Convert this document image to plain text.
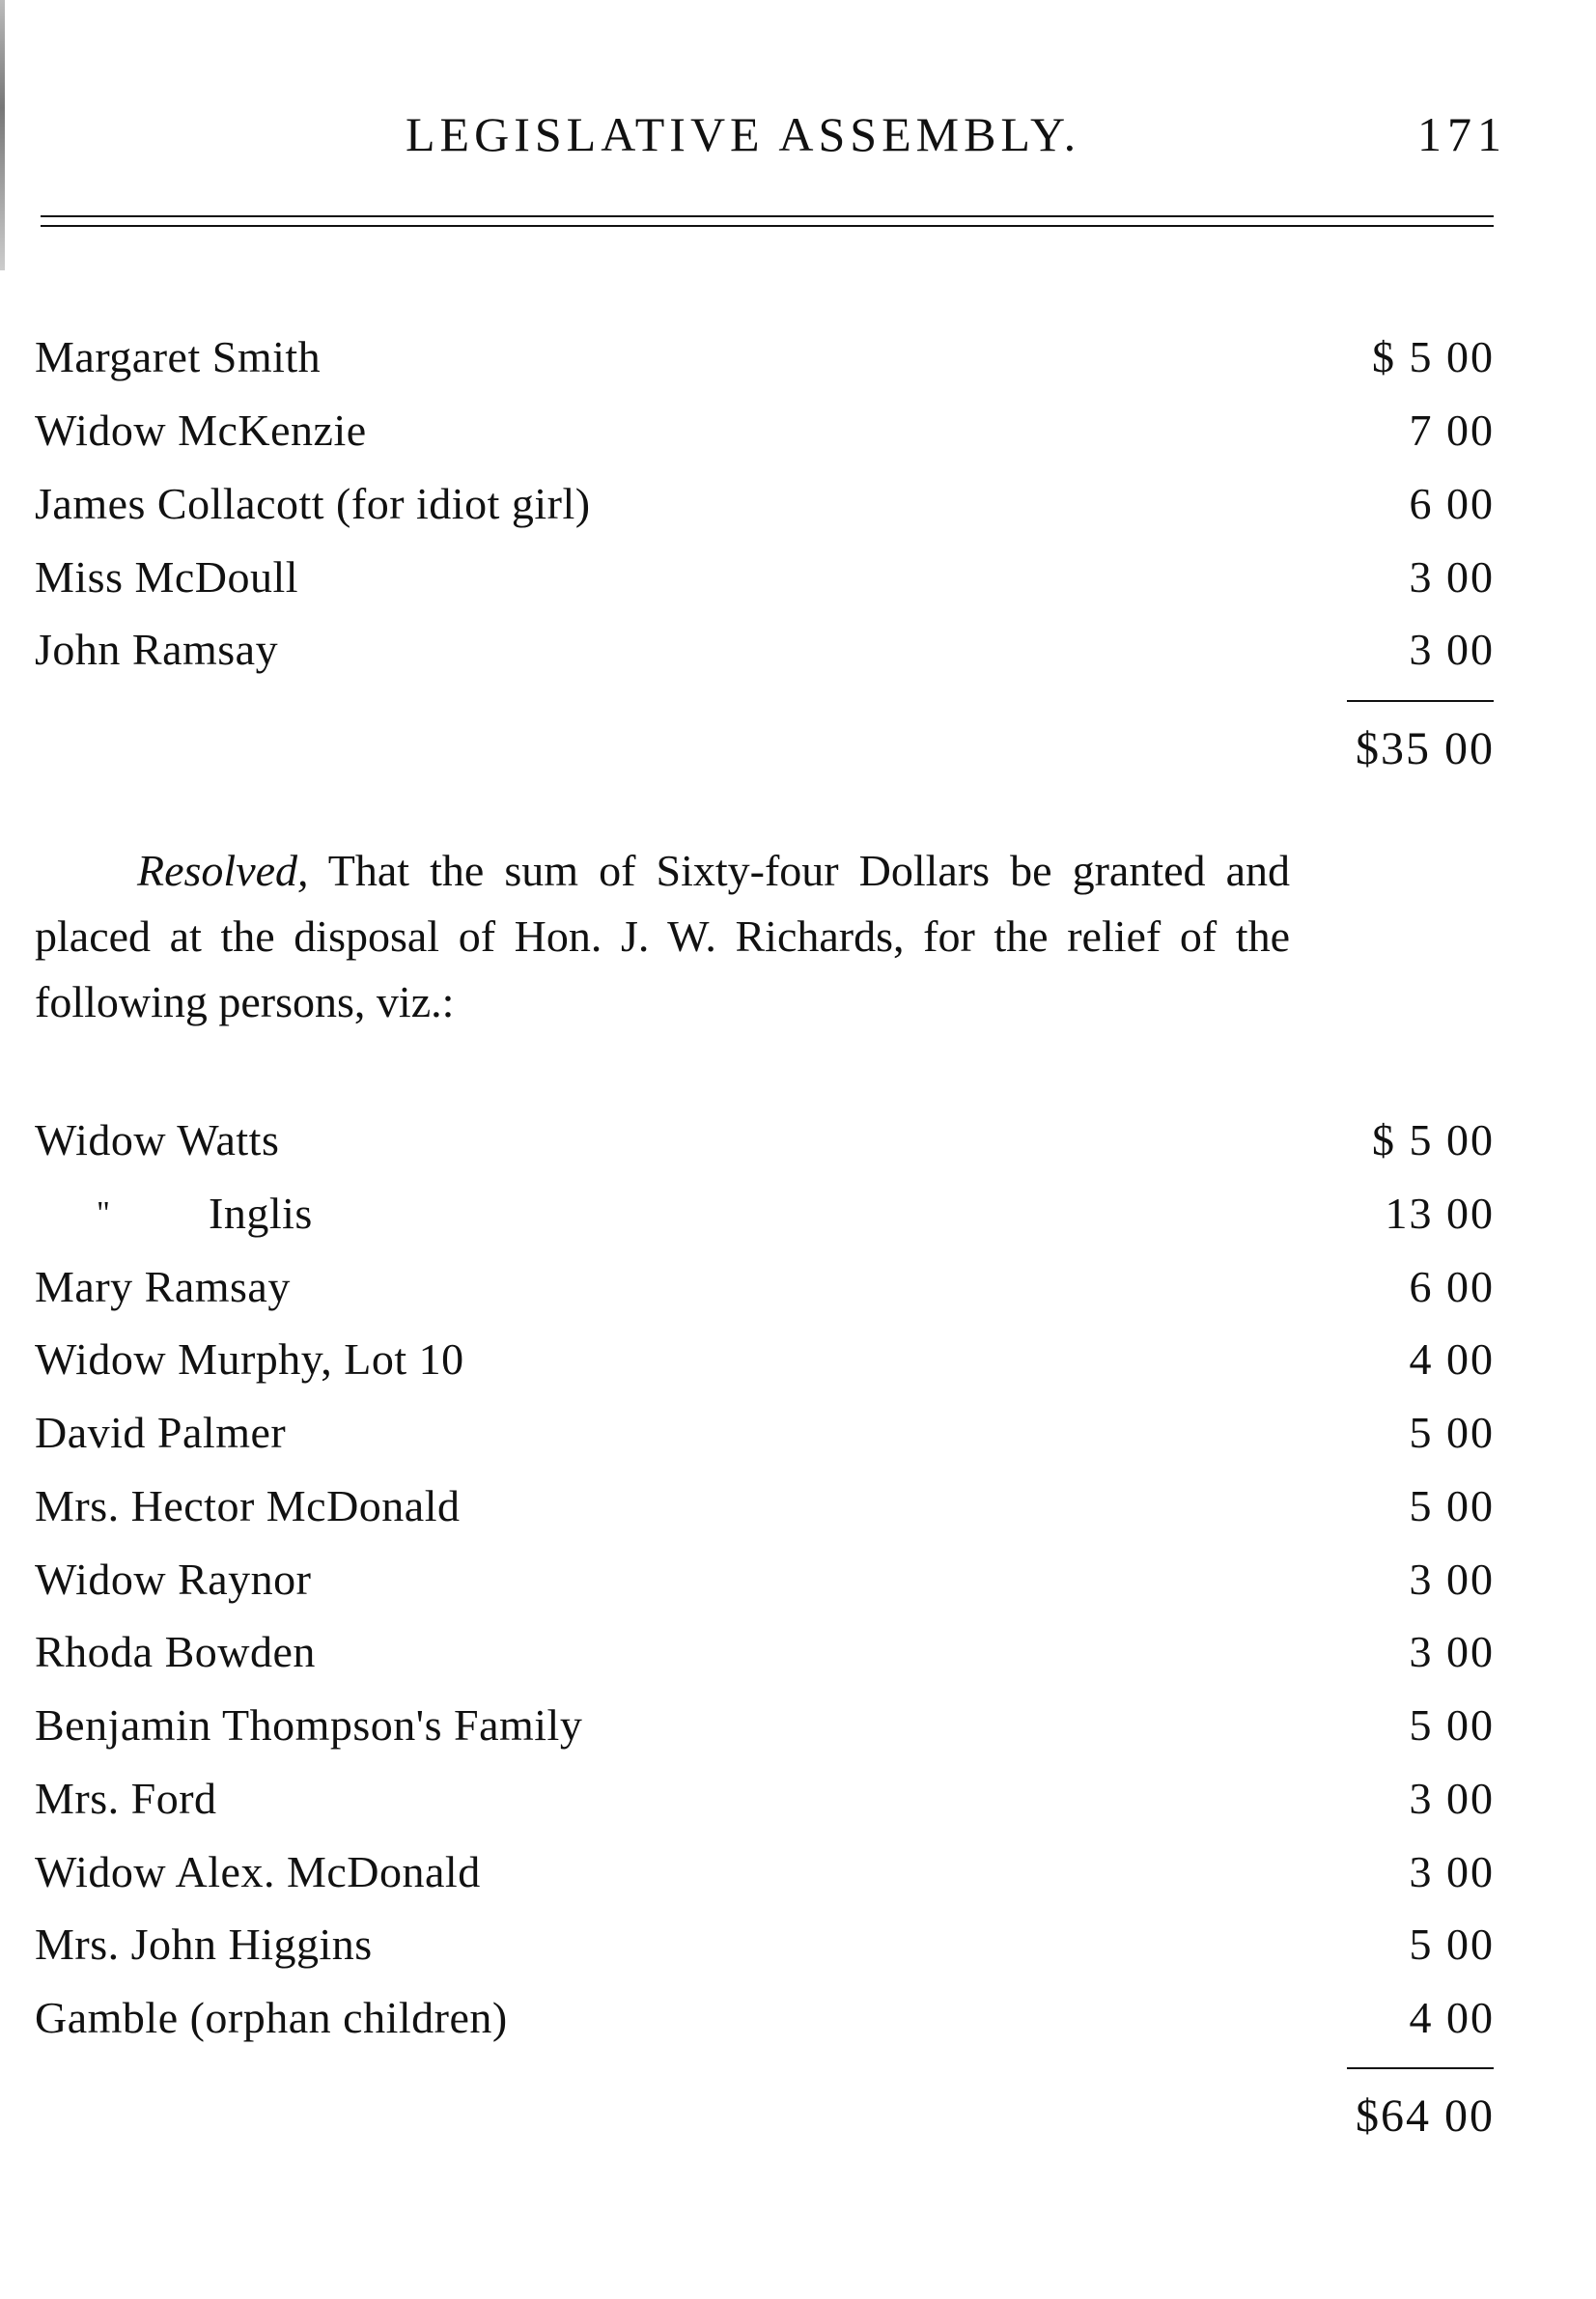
LEGISLATIVE ASSEMBLY.	171
Margaret Smith	$ 5 00
Widow McKenzie	7 00
James Collacott (for idiot girl)	6 00
Miss McDoull	3 00
John Ramsay	3 00
$35 00
Resolved, That the sum of Sixty-four Dollars be granted and placed at the disposal of Hon. J. W. Richards, for the relief of the following persons, viz.:
Widow Watts	$ 5 00
" Inglis	13 00
Mary Ramsay	6 00
Widow Murphy, Lot 10	4 00
David Palmer	5 00
Mrs. Hector McDonald	5 00
Widow Raynor	3 00
Rhoda Bowden	3 00
Benjamin Thompson's Family	5 00
Mrs. Ford	3 00
Widow Alex. McDonald	3 00
Mrs. John Higgins	5 00
Gamble (orphan children)	4 00
$64 00
